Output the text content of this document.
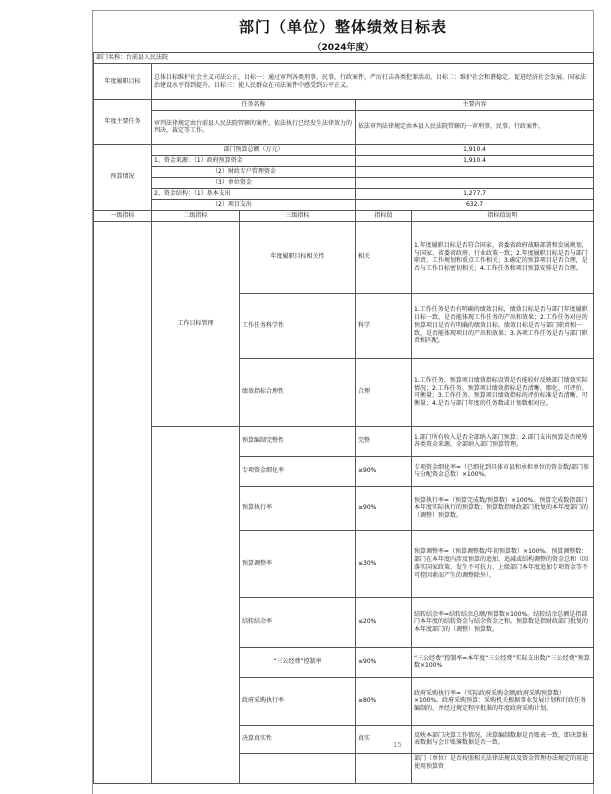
部门（单位）整体绩效目标表
（2024年度）
部门名称：台前县人民法院				
年度履职目标	总体目标维护社会主义司法公正，目标一：通过审判各类刑事、民事、行政案件，严厉打击各类犯罪活动。目标二：维护社会和谐稳定，促进经济社会发展，国家法治建设水平得到提升。目标三：使人民群众在司法案件中感受到公平正义。			
年度主要任务	任务名称		主要内容	
	审判法律规定由台前县人民法院管辖的案件，依法执行已经发生法律效力的判决、裁定等工作。		依法审判法律规定由本县人民法院管辖的一审刑事，民事，行政案件。	
预算情况	部门预算总额（万元）		1,910.4	
	1、资金来源：（1）政府预算资金		1,910.4	
	（2）财政专户管理资金			
	（3）单位资金			
	2、资金结构：（1）基本支出		1,277.7	
	（2）项目支出		632.7	
一级指标	二级指标	三级指标	指标值	指标值说明
	工作目标管理	年度履职目标相关性	相关	1.年度履职目标是否符合国家、省委省政府战略部署和发展规划，与国家、省委省政府、行业政策一致；2.年度履职目标是否与部门职责、工作规划和重点工作相关；3.确定的预算项目是否合理，是否与工作目标密切相关；4.工作任务和项目预算安排是否合理。
		工作任务科学性	科学	1.工作任务是否有明确的绩效目标，绩效目标是否与部门年度履职目标一致，是否能体现工作任务的产出和效果；2.工作任务对应的预算项目是否有明确的绩效目标，绩效目标是否与部门职责相一致，是否能体现项目的产出和效果；3.各项工作任务是否与部门职责相匹配。
		绩效指标合理性	合理	1.工作任务、预算项目绩效指标设置是否能较好反映部门绩效实际情况；2.工作任务、预算项目绩效指标是否清晰、细化、可评价、可衡量；3.工作任务、预算项目绩效指标的评价标准是否清晰、可衡量；4.是否与部门年度的任务数或计划数相对应。
		预算编制完整性	完整	1.部门所有收入是否全部纳入部门预算；2.部门支出预算是否统筹各类资金来源，全部纳入部门预算管理。
		专项资金细化率	≥90%	专项资金细化率=（已细化到具体市县和承担单位的资金数/部门参与分配资金总数）×100%。
		预算执行率	≥90%	预算执行率=（预算完成数/预算数）×100%。预算完成数指部门本年度实际执行的预算数；预算数指财政部门批复的本年度部门的（调整）预算数。
		预算调整率	≤30%	预算调整率=（预算调整数/年初预算数）×100%。预算调整数：部门在本年度内涉及预算的追加、追减或结构调整的资金总和（因落实国家政策、发生不可抗力、上级部门本年度追加专项资金等不可控因素而产生的调整除外）。
		结转结余率	≤20%	结转结余率=结转结余总额/预算数×100%。结转结余总额是指部门本年度的结转资金与结余资金之和。预算数是指财政部门批复的本年度部门的（调整）预算数。
		“三公经费”控制率	≤90%	“三公经费”控制率=本年度“三公经费”实际支出数/“三公经费”预算数×100%
		政府采购执行率	≥80%	政府采购执行率=（实际政府采购金额/政府采购预算数）×100%。政府采购预算：采购机关根据事业发展计划和行政任务编制的、并经过规定程序批准的年度政府采购计划。
		决算真实性	真实	反映本部门决算工作情况。决算编制数据是否账表一致，即决算报表数据与会计账簿数据是否一致。
				部门（单位）是否按照相关法律法规以及资金管理办法规定的用途使用预算资
15
